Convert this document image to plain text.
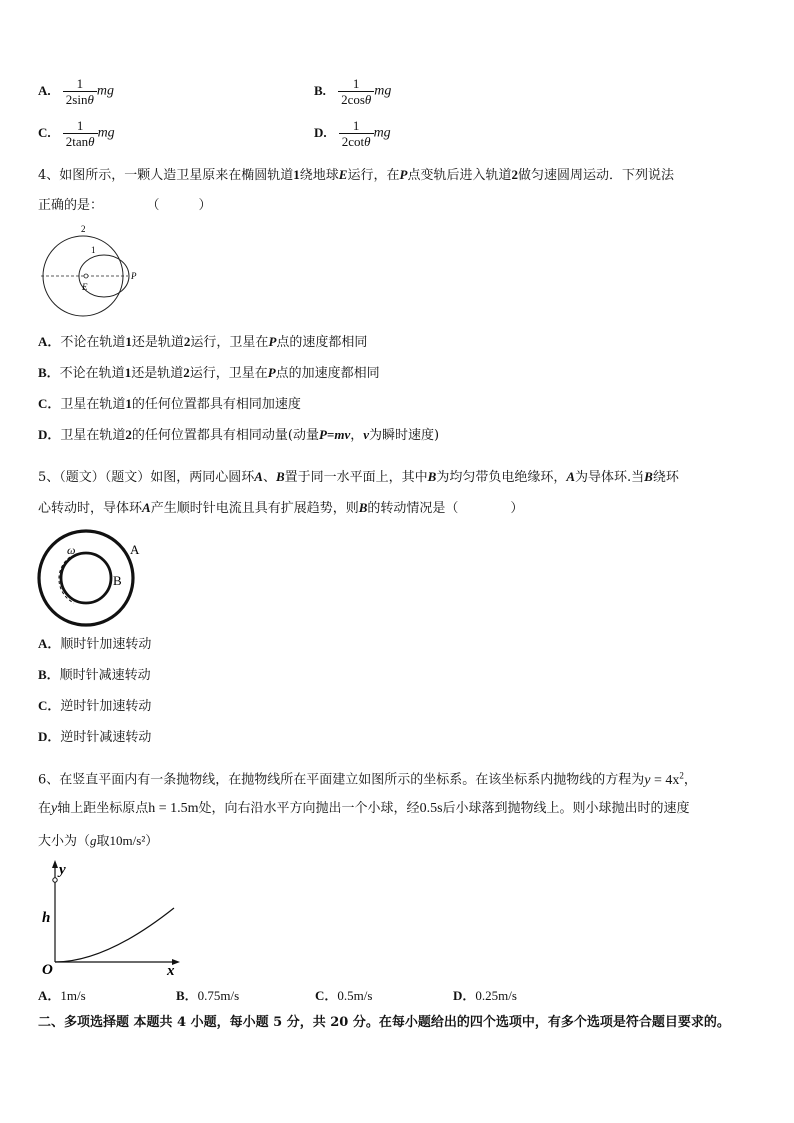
A. $\frac{1}{2\sin\theta}$ mg	B. $\frac{1}{2\cos\theta}$ mg
C. $\frac{1}{2\tan\theta}$ mg	D. $\frac{1}{2\cot\theta}$ mg
4、如图所示，一颗人造卫星原来在椭圆轨道1绕地球E运行，在P点变轨后进入轨道2做匀速圆周运动．下列说法
正确的是：	（　　　）
2
1
E
P
A．不论在轨道1还是轨道2运行，卫星在P点的速度都相同
B．不论在轨道1还是轨道2运行，卫星在P点的加速度都相同
C．卫星在轨道1的任何位置都具有相同加速度
D．卫星在轨道2的任何位置都具有相同动量(动量P=mv，v为瞬时速度)
5、（题文）（题文）如图，两同心圆环A、B置于同一水平面上，其中B为均匀带负电绝缘环，A为导体环.当B绕环
心转动时，导体环A产生顺时针电流且具有扩展趋势，则B的转动情况是（　　　　）
ω	A
B
A．顺时针加速转动
B．顺时针减速转动
C．逆时针加速转动
D．逆时针减速转动
6、在竖直平面内有一条抛物线，在抛物线所在平面建立如图所示的坐标系。在该坐标系内抛物线的方程为$y = 4x^2$，
在y轴上距坐标原点h = 1.5m处，向右沿水平方向抛出一个小球，经0.5s后小球落到抛物线上。则小球抛出时的速度
大小为（g取10m/s²）
y
h
O	x
A．1m/s	B．0.75m/s	C．0.5m/s	D．0.25m/s
二、多项选择题 本题共 4 小题，每小题 5 分，共 20 分。在每小题给出的四个选项中，有多个选项是符合题目要求的。
